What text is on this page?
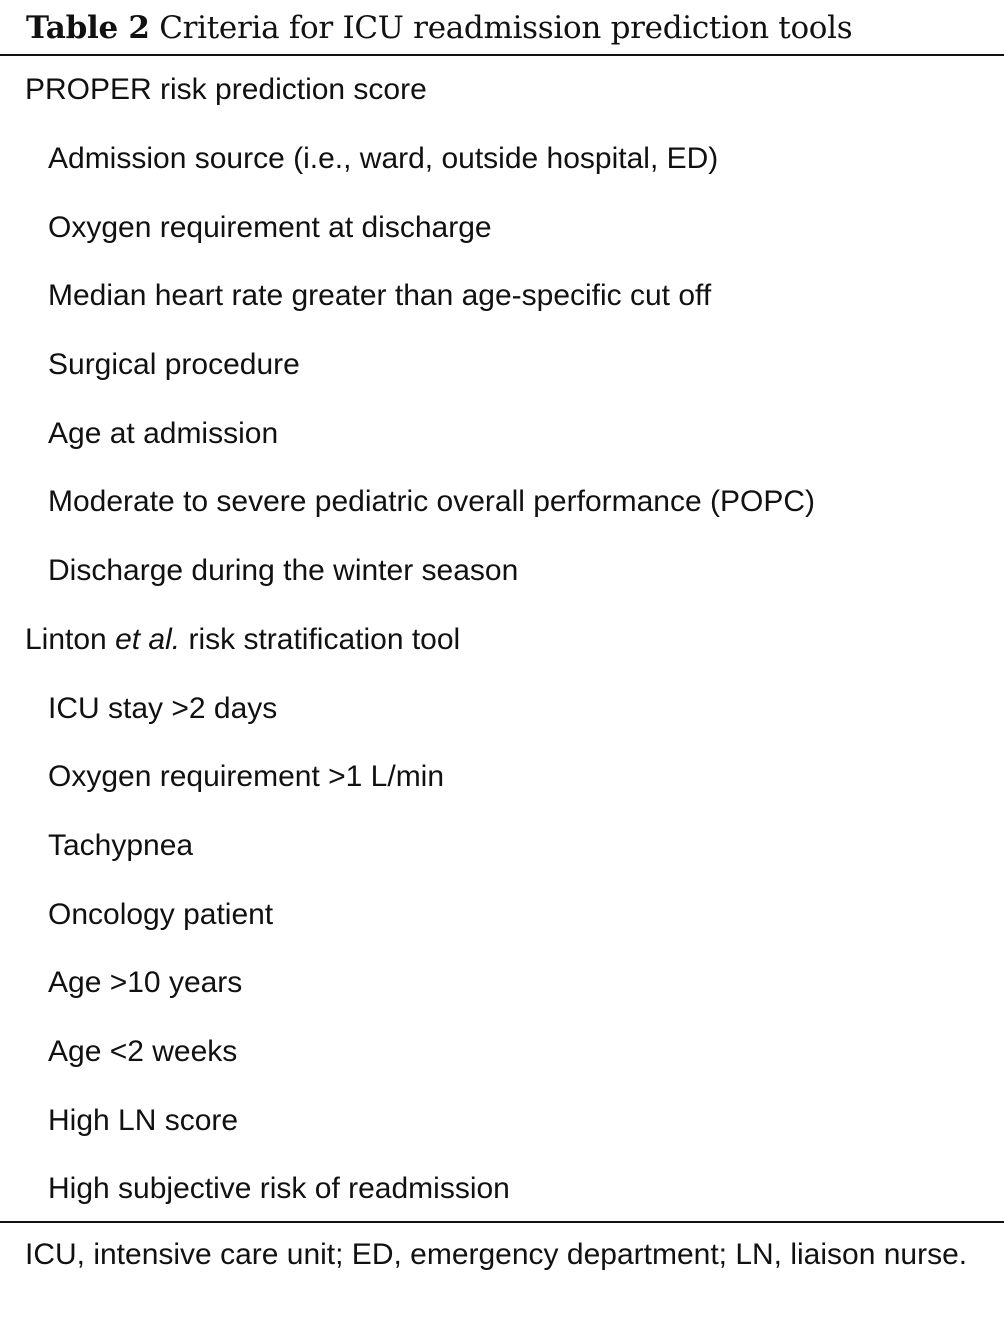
Table 2 Criteria for ICU readmission prediction tools
PROPER risk prediction score
Admission source (i.e., ward, outside hospital, ED)
Oxygen requirement at discharge
Median heart rate greater than age-specific cut off
Surgical procedure
Age at admission
Moderate to severe pediatric overall performance (POPC)
Discharge during the winter season
Linton et al. risk stratification tool
ICU stay >2 days
Oxygen requirement >1 L/min
Tachypnea
Oncology patient
Age >10 years
Age <2 weeks
High LN score
High subjective risk of readmission
ICU, intensive care unit; ED, emergency department; LN, liaison nurse.
